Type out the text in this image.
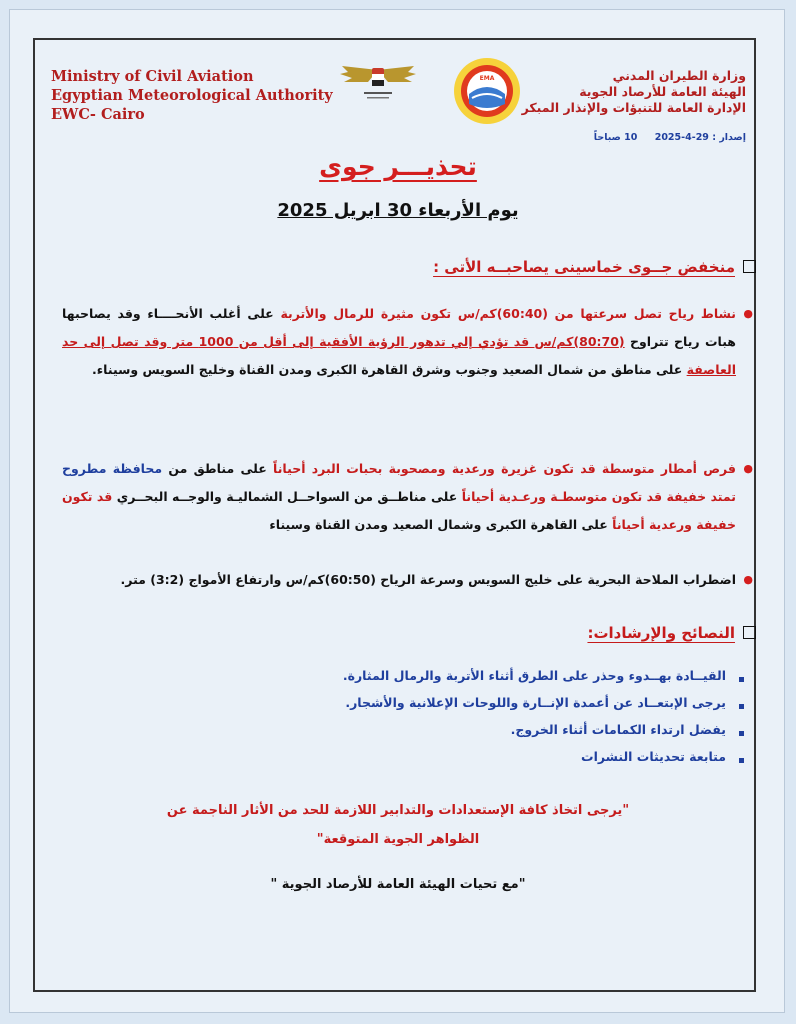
Ministry of Civil Aviation
Egyptian Meteorological Authority
EWC- Cairo
EMA	وزارة الطيران المدني
الهيئة العامة للأرصاد الجوية
الإدارة العامة للتنبؤات والإنذار المبكر
إصدار : 29-4-2025 10 صباحاً
تحذيـــر جوى
يوم الأربعاء 30 ابريل 2025
منخفض جــوى خماسينى يصاحبــه الأتى :
●
نشاط رياح تصل سرعتها من (60:40)كم/س تكون مثيرة للرمال والأتربة على أغلب الأنحــــاء وقد يصاحبها هبات رياح تتراوح (80:70)كم/س قد تؤدي إلي تدهور الرؤية الأفقية إلى أقل من 1000 متر وقد تصل إلى حد العاصفة على مناطق من شمال الصعيد وجنوب وشرق القاهرة الكبرى ومدن القناة وخليج السويس وسيناء.
●
فرص أمطار متوسطة قد تكون غزيرة ورعدية ومصحوبة بحبات البرد أحياناً على مناطق من محافظة مطروح تمتد خفيفة قد تكون متوسطـة ورعـدية أحياناً على مناطــق من السواحــل الشماليـة والوجــه البحــري قد تكون خفيفة ورعدية أحياناً على القاهرة الكبرى وشمال الصعيد ومدن القناة وسيناء
●
اضطراب الملاحة البحرية على خليج السويس وسرعة الرياح (60:50)كم/س وارتفاع الأمواج (3:2) متر.
النصائح والإرشادات:
القيــادة بهــدوء وحذر على الطرق أثناء الأتربة والرمال المثارة.
يرجى الإبتعــاد عن أعمدة الإنــارة واللوحات الإعلانية والأشجار.
يفضل ارتداء الكمامات أثناء الخروج.
متابعة تحديثات النشرات
"يرجى اتخاذ كافة الإستعدادات والتدابير اللازمة للحد من الأثار الناجمة عن
الظواهر الجوية المتوقعة"
"مع تحيات الهيئة العامة للأرصاد الجوية "
